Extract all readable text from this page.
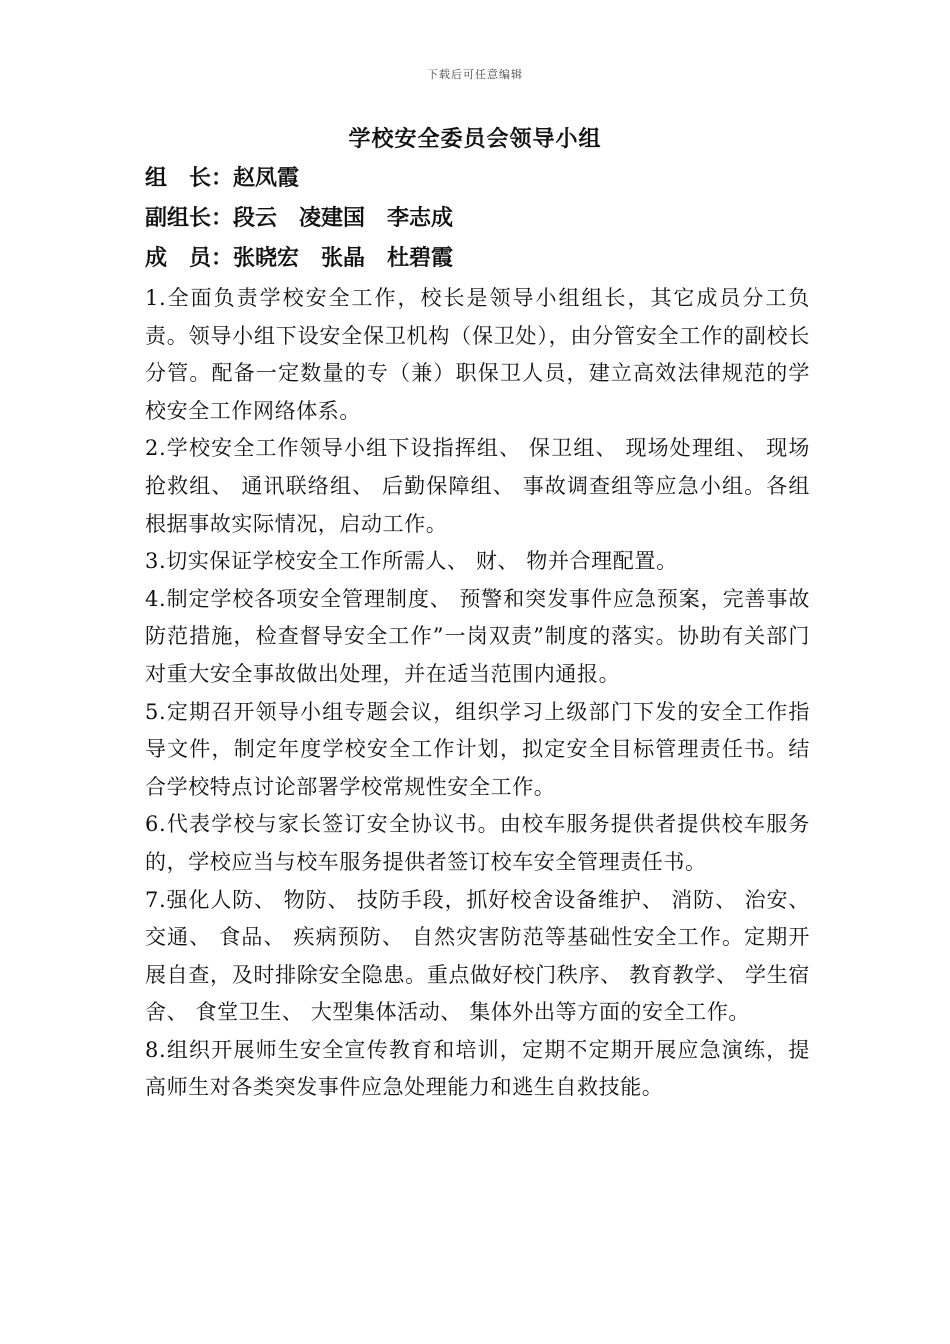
下载后可任意编辑
学校安全委员会领导小组
组　长：赵凤霞
副组长：段云　凌建国　李志成
成　员：张晓宏　张晶　杜碧霞

1.全面负责学校安全工作，校长是领导小组组长，其它成员分工负责。领导小组下设安全保卫机构（保卫处），由分管安全工作的副校长分管。配备一定数量的专（兼）职保卫人员，建立高效法律规范的学校安全工作网络体系。

2.学校安全工作领导小组下设指挥组、 保卫组、 现场处理组、 现场抢救组、 通讯联络组、 后勤保障组、 事故调查组等应急小组。各组根据事故实际情况，启动工作。

3.切实保证学校安全工作所需人、 财、 物并合理配置。

4.制定学校各项安全管理制度、 预警和突发事件应急预案，完善事故防范措施，检查督导安全工作”一岗双责”制度的落实。协助有关部门对重大安全事故做出处理，并在适当范围内通报。

5.定期召开领导小组专题会议，组织学习上级部门下发的安全工作指导文件，制定年度学校安全工作计划，拟定安全目标管理责任书。结合学校特点讨论部署学校常规性安全工作。

6.代表学校与家长签订安全协议书。由校车服务提供者提供校车服务的，学校应当与校车服务提供者签订校车安全管理责任书。

7.强化人防、 物防、 技防手段，抓好校舍设备维护、 消防、 治安、 交通、 食品、 疾病预防、 自然灾害防范等基础性安全工作。定期开展自查，及时排除安全隐患。重点做好校门秩序、 教育教学、 学生宿舍、 食堂卫生、 大型集体活动、 集体外出等方面的安全工作。

8.组织开展师生安全宣传教育和培训，定期不定期开展应急演练，提高师生对各类突发事件应急处理能力和逃生自救技能。
